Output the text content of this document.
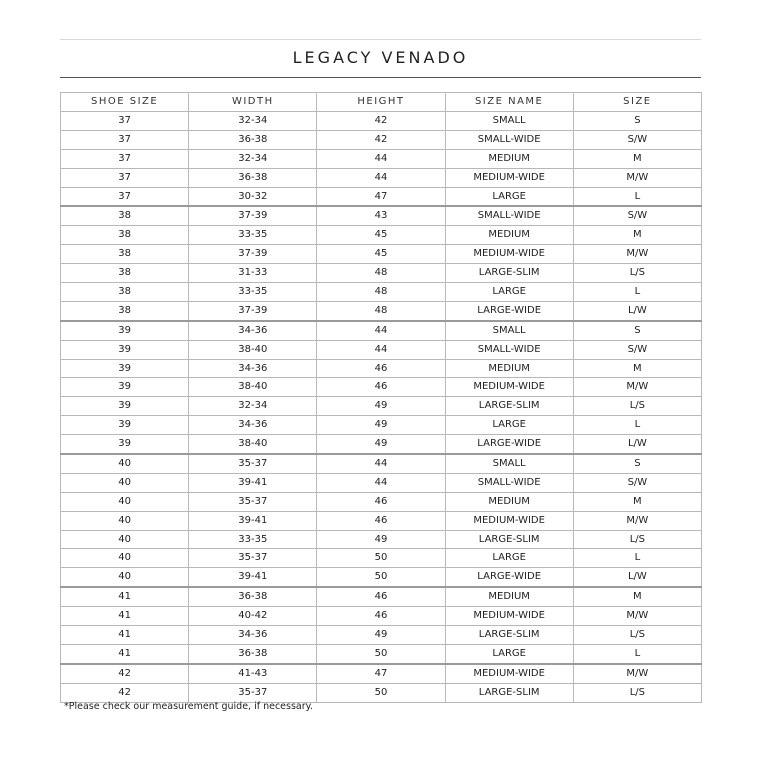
LEGACY VENADO
SHOE SIZE	WIDTH	HEIGHT	SIZE NAME	SIZE
37	32-34	42	SMALL	S
37	36-38	42	SMALL-WIDE	S/W
37	32-34	44	MEDIUM	M
37	36-38	44	MEDIUM-WIDE	M/W
37	30-32	47	LARGE	L
38	37-39	43	SMALL-WIDE	S/W
38	33-35	45	MEDIUM	M
38	37-39	45	MEDIUM-WIDE	M/W
38	31-33	48	LARGE-SLIM	L/S
38	33-35	48	LARGE	L
38	37-39	48	LARGE-WIDE	L/W
39	34-36	44	SMALL	S
39	38-40	44	SMALL-WIDE	S/W
39	34-36	46	MEDIUM	M
39	38-40	46	MEDIUM-WIDE	M/W
39	32-34	49	LARGE-SLIM	L/S
39	34-36	49	LARGE	L
39	38-40	49	LARGE-WIDE	L/W
40	35-37	44	SMALL	S
40	39-41	44	SMALL-WIDE	S/W
40	35-37	46	MEDIUM	M
40	39-41	46	MEDIUM-WIDE	M/W
40	33-35	49	LARGE-SLIM	L/S
40	35-37	50	LARGE	L
40	39-41	50	LARGE-WIDE	L/W
41	36-38	46	MEDIUM	M
41	40-42	46	MEDIUM-WIDE	M/W
41	34-36	49	LARGE-SLIM	L/S
41	36-38	50	LARGE	L
42	41-43	47	MEDIUM-WIDE	M/W
42	35-37	50	LARGE-SLIM	L/S
*Please check our measurement guide, if necessary.
